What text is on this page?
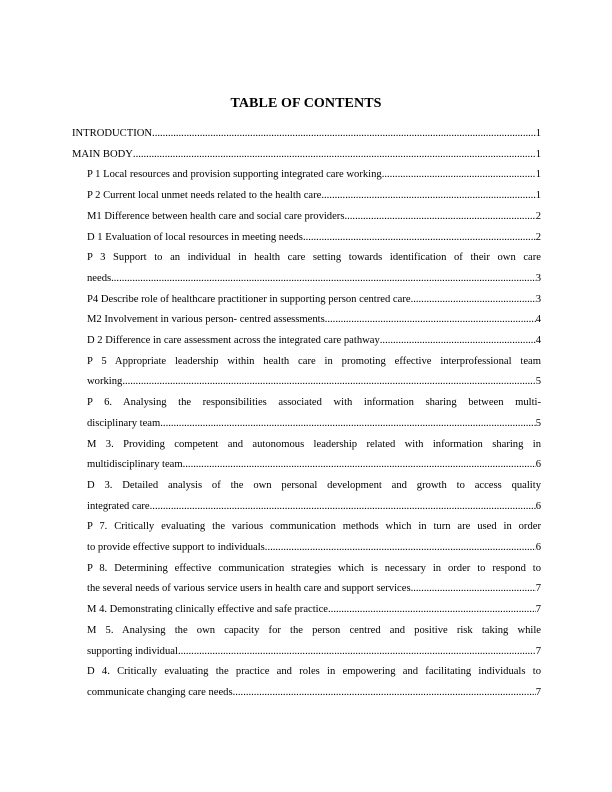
TABLE OF CONTENTS
INTRODUCTION .....	1
MAIN BODY .....	1
P 1 Local resources and provision supporting integrated care working .....	1
P 2 Current local unmet needs related to the health care .....	1
M1 Difference between health care and social care providers .....	2
D 1 Evaluation of local resources in meeting needs .....	2
P 3 Support to an individual in health care setting towards identification of their own care
needs .....	3
P4 Describe role of healthcare practitioner in supporting person centred care .....	3
M2 Involvement in various person- centred assessments .....	4
D 2 Difference in care assessment across the integrated care pathway .....	4
P 5 Appropriate leadership within health care in promoting effective interprofessional team
working .....	5
P 6. Analysing the responsibilities associated with information sharing between multi-
disciplinary team .....	5
M 3. Providing competent and autonomous leadership related with information sharing in
multidisciplinary team. .....	6
D 3. Detailed analysis of the own personal development and growth to access quality
integrated care .....	6
P 7. Critically evaluating the various communication methods which in turn are used in order
to provide effective support to individuals. .....	6
P 8. Determining effective communication strategies which is necessary in order to respond to
the several needs of various service users in health care and support services .....	7
M 4. Demonstrating clinically effective and safe practice .....	7
M 5. Analysing the own capacity for the person centred and positive risk taking while
supporting individual .....	7
D 4. Critically evaluating the practice and roles in empowering and facilitating individuals to
communicate changing care needs. .....	7
